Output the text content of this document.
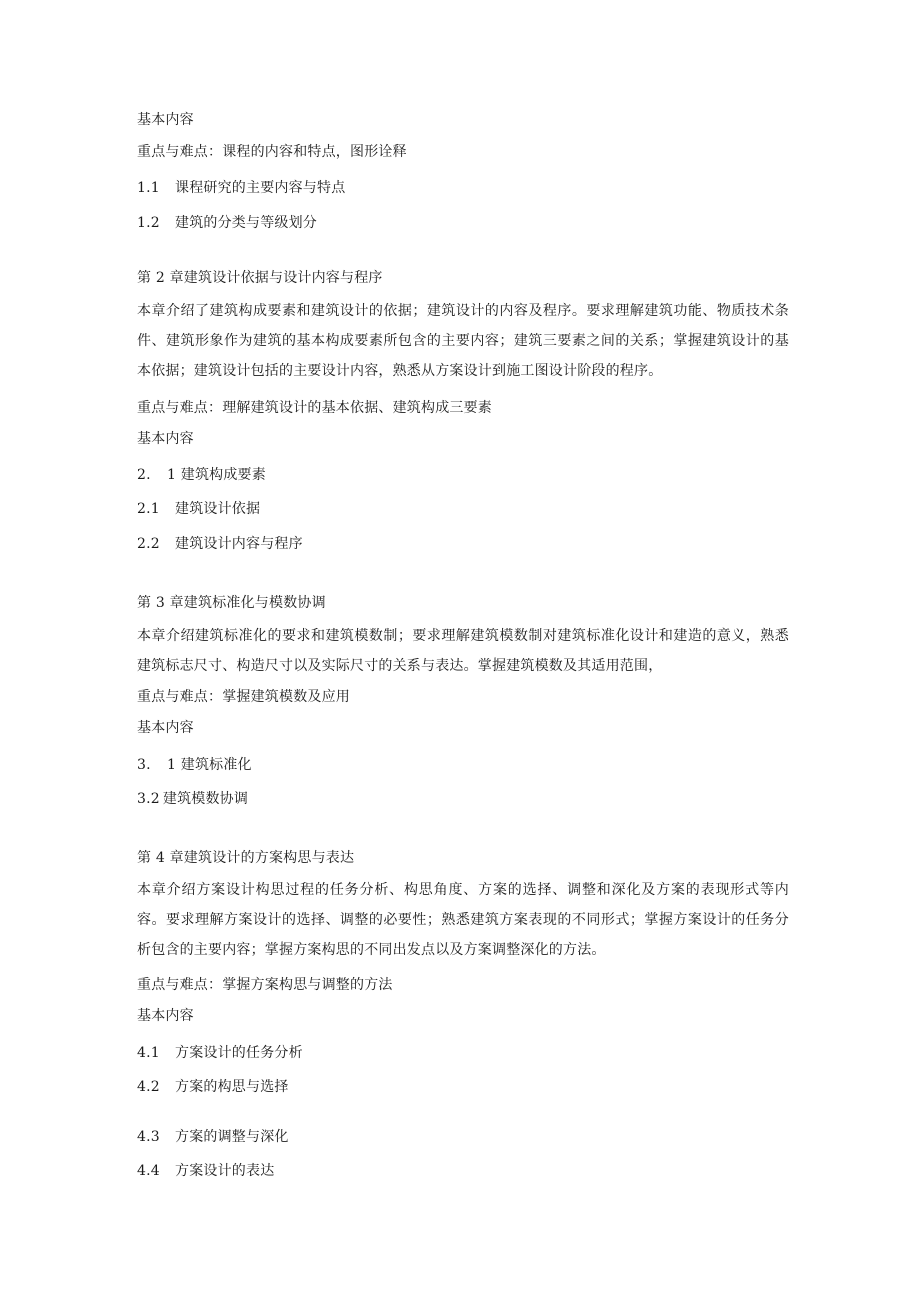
基本内容
重点与难点：课程的内容和特点，图形诠释
1.1 课程研究的主要内容与特点
1.2 建筑的分类与等级划分
第 2 章建筑设计依据与设计内容与程序
本章介绍了建筑构成要素和建筑设计的依据；建筑设计的内容及程序。要求理解建筑功能、物质技术条件、建筑形象作为建筑的基本构成要素所包含的主要内容；建筑三要素之间的关系；掌握建筑设计的基本依据；建筑设计包括的主要设计内容，熟悉从方案设计到施工图设计阶段的程序。
重点与难点：理解建筑设计的基本依据、建筑构成三要素
基本内容
2. 1 建筑构成要素
2.1 建筑设计依据
2.2 建筑设计内容与程序
第 3 章建筑标准化与模数协调
本章介绍建筑标准化的要求和建筑模数制；要求理解建筑模数制对建筑标准化设计和建造的意义，熟悉建筑标志尺寸、构造尺寸以及实际尺寸的关系与表达。掌握建筑模数及其适用范围，
重点与难点：掌握建筑模数及应用
基本内容
3. 1 建筑标准化
3.2 建筑模数协调
第 4 章建筑设计的方案构思与表达
本章介绍方案设计构思过程的任务分析、构思角度、方案的选择、调整和深化及方案的表现形式等内容。要求理解方案设计的选择、调整的必要性；熟悉建筑方案表现的不同形式；掌握方案设计的任务分析包含的主要内容；掌握方案构思的不同出发点以及方案调整深化的方法。
重点与难点：掌握方案构思与调整的方法
基本内容
4.1 方案设计的任务分析
4.2 方案的构思与选择
4.3 方案的调整与深化
4.4 方案设计的表达
